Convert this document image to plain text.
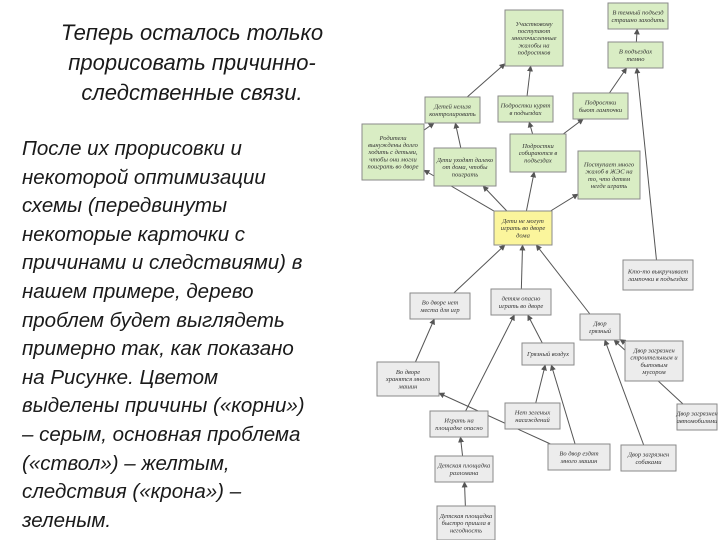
Теперь осталось только
прорисовать причинно-
следственные связи.
После их прорисовки и
некоторой оптимизации
схемы (передвинуты
некоторые карточки с
причинами и следствиями) в
нашем примере, дерево
проблем будет выглядеть
примерно так, как показано
на Рисунке. Цветом
выделены причины («корни»)
– серым, основная проблема
(«ствол») – желтым,
следствия («крона») –
зеленым.
Участковому
поступают
многочисленные
жалобы на
подростков
В темный подъезд
страшно заходить
В подъездах
темно
Детей нельзя
контролировать
Подростки курят
в подъездах
Подростки
бьют лампочки
Родители
вынуждены долго
ходить с детьми,
чтобы они могли
поиграть во дворе
Дети уходят далеко
от дома, чтобы
поиграть
Подростки
собираются в
подъездах
Поступает много
жалоб в ЖЭС на
то, что детям
негде играть
Дети не могут
играть во дворе
дома
Кто-то выкручивает
лампочки в подъездах
Во дворе нет
места для игр
детям опасно
играть во дворе
Двор
грязный
Во дворе
хранятся много
машин
Грязный воздух
Двор загрязнен
строительным и
бытовым
мусором
Играть на
площадке опасно
Нет зеленых
насаждений
Двор загрязнен
автомобилями
Во двор ездят
много машин
Двор загрязнен
собаками
Детская площадка
разломана
Детская площадка
быстро пришла в
негодность
